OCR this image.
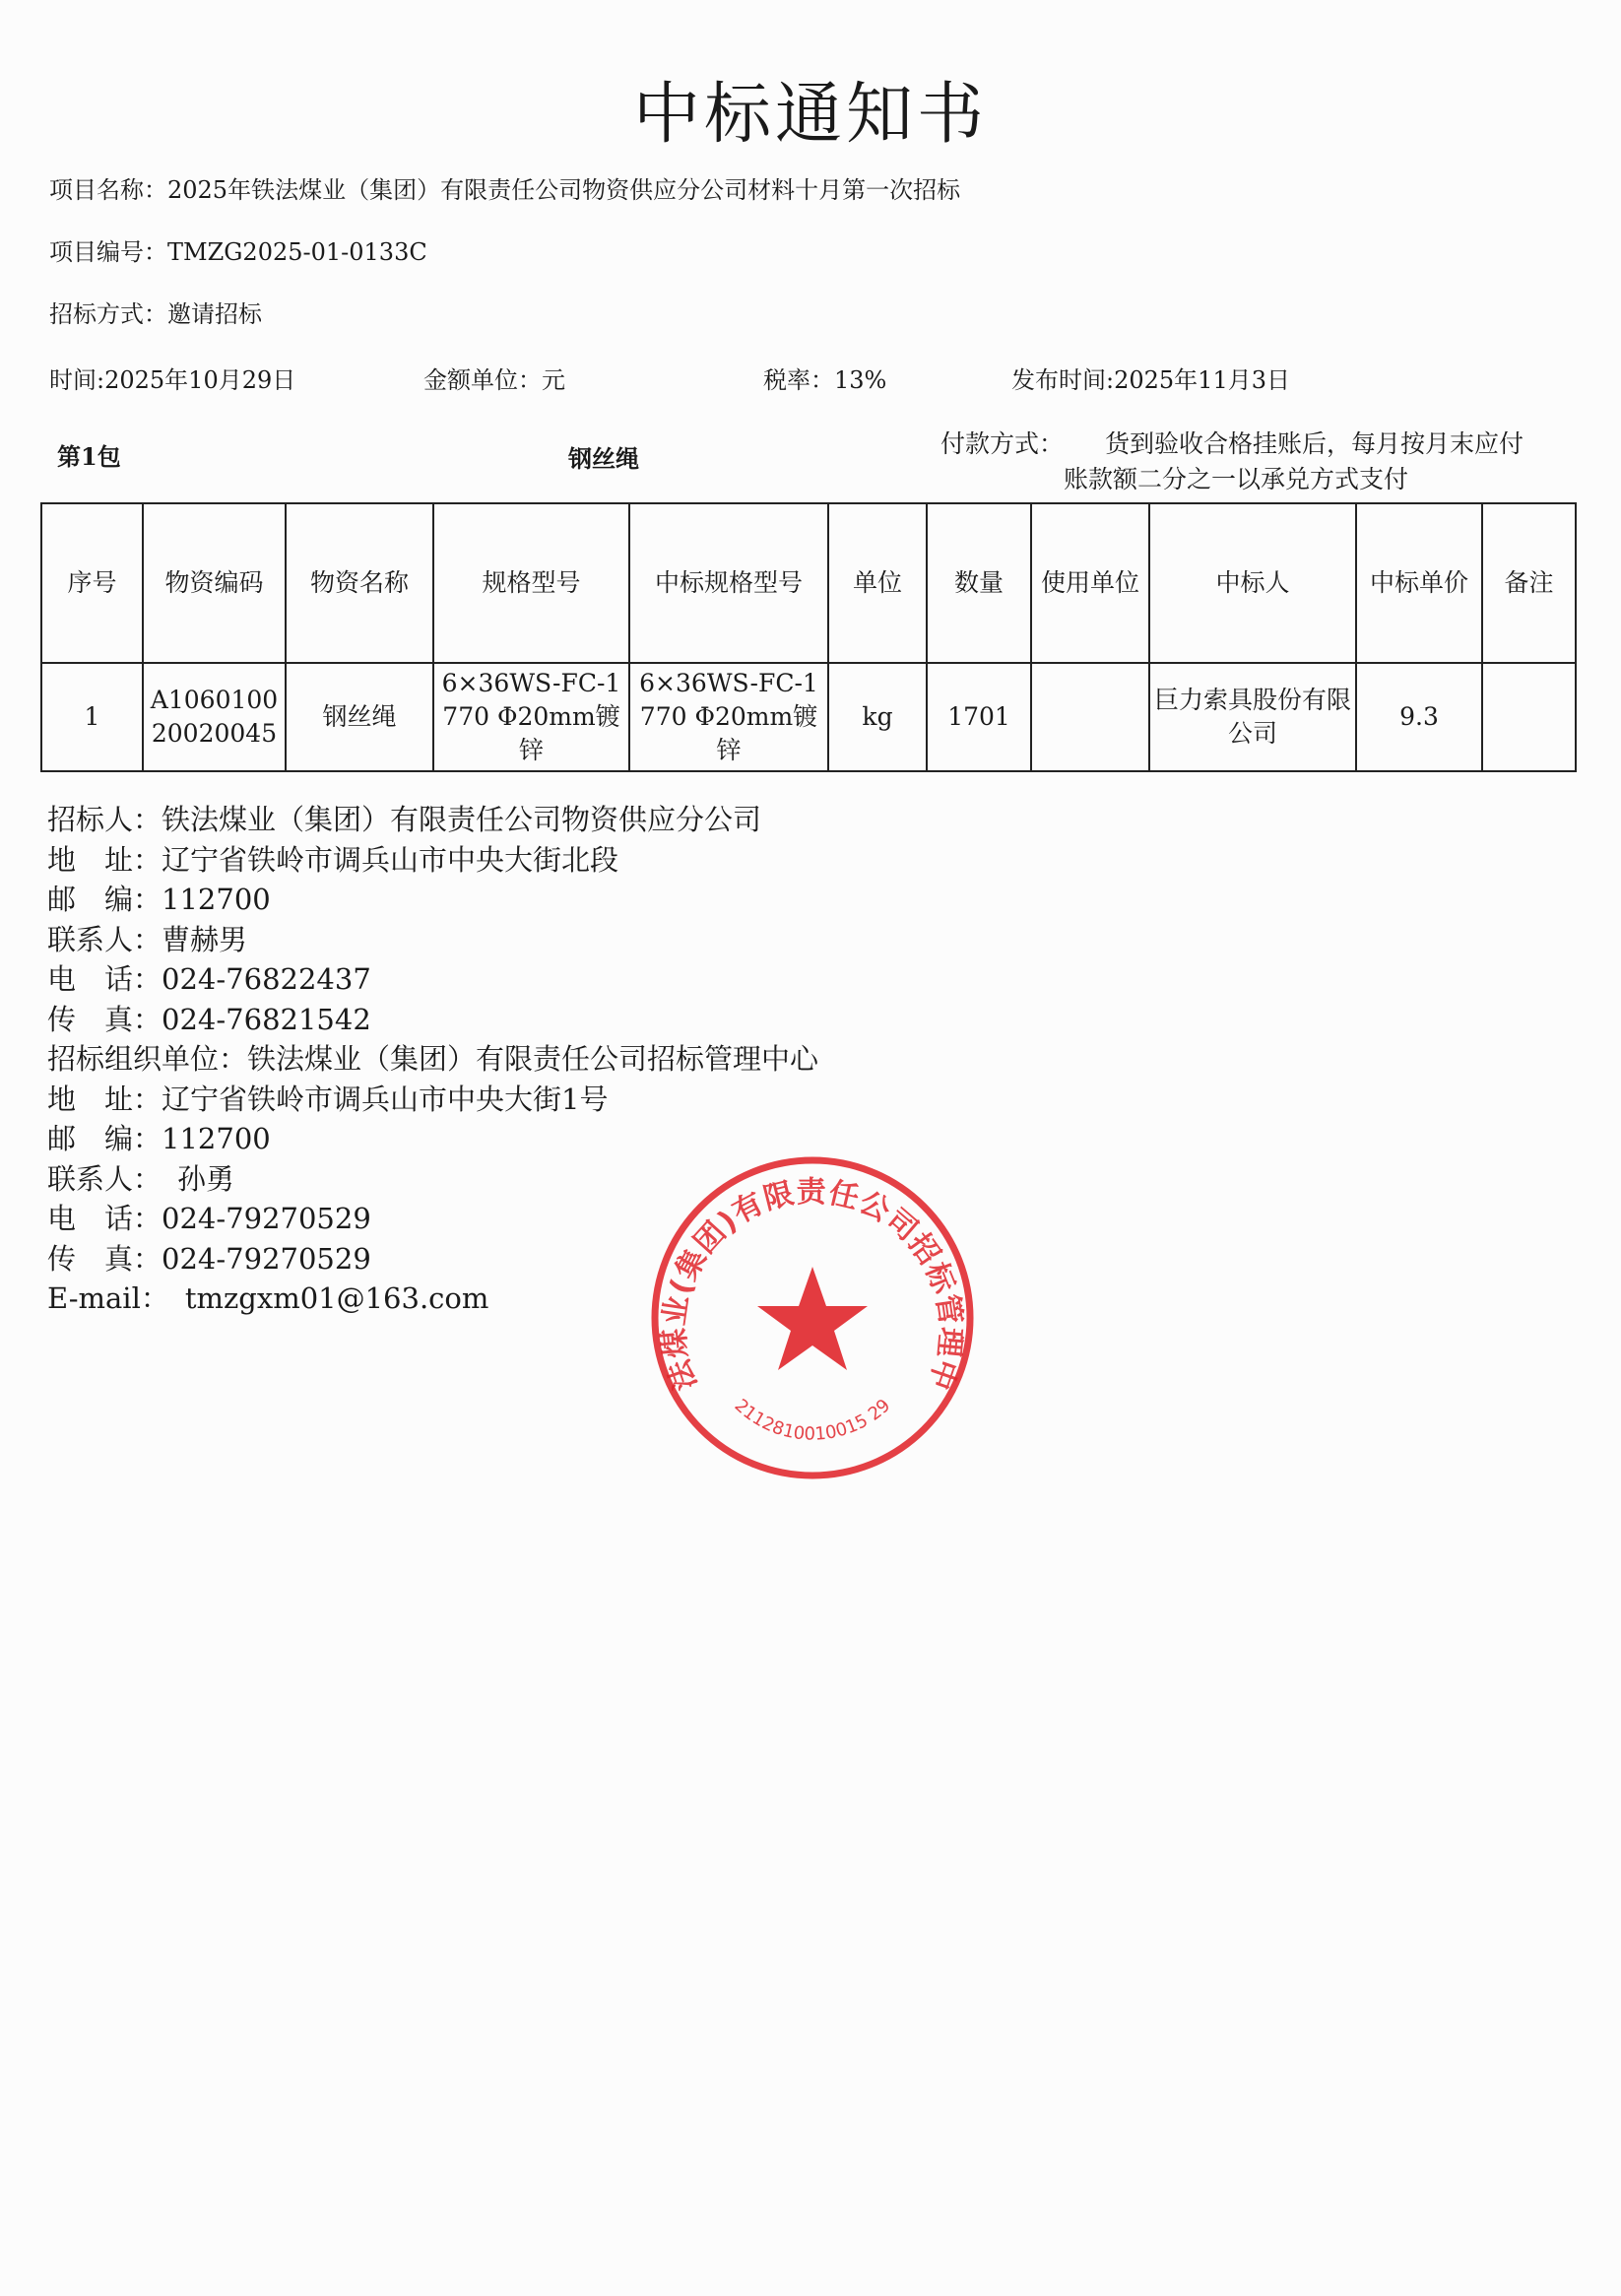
中标通知书
项目名称：2025年铁法煤业（集团）有限责任公司物资供应分公司材料十月第一次招标
项目编号：TMZG2025-01-0133C
招标方式：邀请招标
时间:2025年10月29日	金额单位：元	税率：13%	发布时间:2025年11月3日
第1包	钢丝绳
付款方式： 货到验收合格挂账后，每月按月末应付
账款额二分之一以承兑方式支付
序号	物资编码	物资名称	规格型号	中标规格型号	单位	数量	使用单位	中标人	中标单价	备注
1	A106010020020045	钢丝绳	6×36WS-FC-1770 Φ20mm镀锌	6×36WS-FC-1770 Φ20mm镀锌	kg	1701		巨力索具股份有限公司	9.3	
招标人：铁法煤业（集团）有限责任公司物资供应分公司
地　址：辽宁省铁岭市调兵山市中央大街北段
邮　编：112700
联系人：曹赫男
电　话：024-76822437
传　真：024-76821542
招标组织单位：铁法煤业（集团）有限责任公司招标管理中心
地　址：辽宁省铁岭市调兵山市中央大街1号
邮　编：112700
联系人： 孙勇
电　话：024-79270529
传　真：024-79270529
E-mail： tmzgxm01@163.com
法煤业(集团)有限责任公司招标管理中
2112810010015 29
